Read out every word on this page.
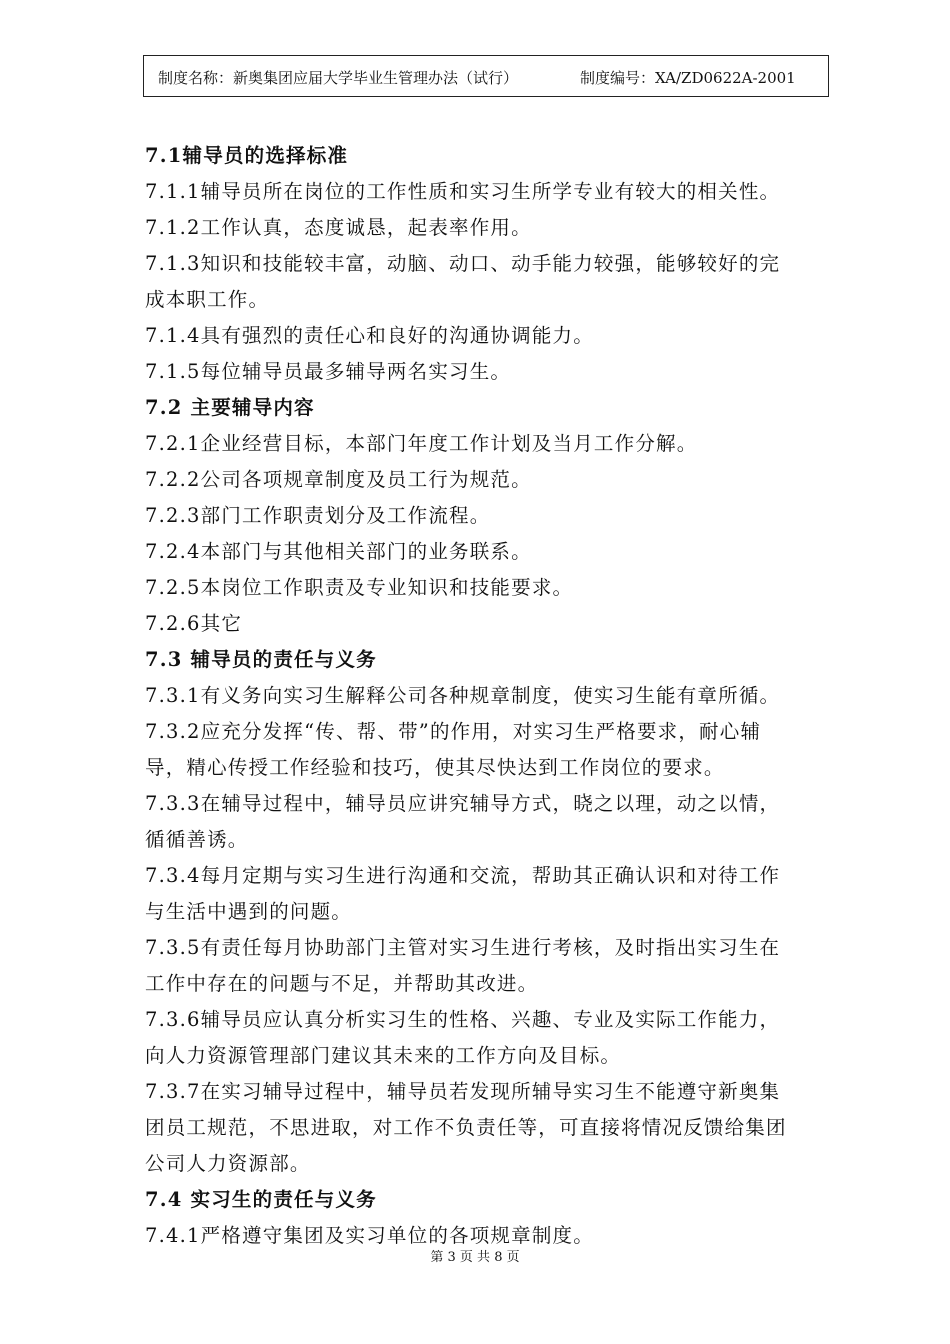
制度名称：新奥集团应届大学毕业生管理办法（试行）	制度编号：XA/ZD0622A-2001
7.1辅导员的选择标准
7.1.1辅导员所在岗位的工作性质和实习生所学专业有较大的相关性。
7.1.2工作认真，态度诚恳，起表率作用。
7.1.3知识和技能较丰富，动脑、动口、动手能力较强，能够较好的完
成本职工作。
7.1.4具有强烈的责任心和良好的沟通协调能力。
7.1.5每位辅导员最多辅导两名实习生。
7.2 主要辅导内容
7.2.1企业经营目标，本部门年度工作计划及当月工作分解。
7.2.2公司各项规章制度及员工行为规范。
7.2.3部门工作职责划分及工作流程。
7.2.4本部门与其他相关部门的业务联系。
7.2.5本岗位工作职责及专业知识和技能要求。
7.2.6其它
7.3 辅导员的责任与义务
7.3.1有义务向实习生解释公司各种规章制度，使实习生能有章所循。
7.3.2应充分发挥“传、帮、带”的作用，对实习生严格要求，耐心辅
导，精心传授工作经验和技巧，使其尽快达到工作岗位的要求。
7.3.3在辅导过程中，辅导员应讲究辅导方式，晓之以理，动之以情，
循循善诱。
7.3.4每月定期与实习生进行沟通和交流，帮助其正确认识和对待工作
与生活中遇到的问题。
7.3.5有责任每月协助部门主管对实习生进行考核，及时指出实习生在
工作中存在的问题与不足，并帮助其改进。
7.3.6辅导员应认真分析实习生的性格、兴趣、专业及实际工作能力，
向人力资源管理部门建议其未来的工作方向及目标。
7.3.7在实习辅导过程中，辅导员若发现所辅导实习生不能遵守新奥集
团员工规范，不思进取，对工作不负责任等，可直接将情况反馈给集团
公司人力资源部。
7.4 实习生的责任与义务
7.4.1严格遵守集团及实习单位的各项规章制度。
第 3 页 共 8 页
